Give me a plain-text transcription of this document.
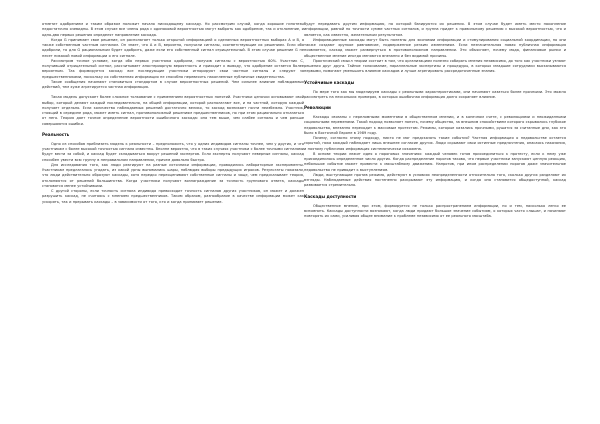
отметит одобрением и таким образом положит начало нисходящему каскаду. Но рассмотрим случай, когда хорошие гипотезы недостаточно очевидны. В этом случае все члены ряда с одинаковой вероятностью могут выбрать как одобрение, так и отклонение, и одно-два первых решения определят направление каскада.

Когда G принимает свое решение, он располагает только открытой информацией о сделанных вероятностных выборах A и B, а также собственным частным сигналом. Он знает, что A и B, вероятно, получили сигналы, соответствующие их решениям. Если оба одобрили, то для G рациональным будет одобрить, даже если его собственный сигнал отрицательный. В этом случае решение G не несет никакой новой информации о его сигнале.

Рассмотрим точное условие, когда оба первых участника одобрили, получив сигналы с вероятностью 60%. Участник C, получивший отрицательный сигнал, рассчитывает апостериорную вероятность и приходит к выводу, что одобрение остается более вероятным. Так формируется каскад: все последующие участники игнорируют свои частные сигналы и следуют за предшественниками, поскольку их собственная информация не способна перевесить накопленные публичные свидетельства.

Такие сообщения начинают становиться стандартом в случае вероятностных решений. Чем сильнее влияние наблюдаемых действий, тем хуже агрегируется частная информация.

Такая модель допускает более сложное толкование с применением вероятностных понятий. Участники цепочки основывают свой выбор, который делают каждый последовательно, на общей информации, которой располагают все, и на частной, которую каждый получает отдельно. Если количество наблюдаемых решений достаточно велико, то каскад возникает почти неизбежно. Участник, стоящий в середине ряда, может иметь сигнал, противоположный решениям предшественников, но при этом рационально отказаться от него. Теория дает точное определение вероятности ошибочного каскада: она тем выше, чем слабее сигналы и чем раньше совершаются ошибки.

Реальность

Одно из способов приблизить модель к реальности – предположить, что у одних индивидов сигналы точнее, чем у других, и что участникам с более высокой точностью сигнала известны. Вполне вероятно, что в таких случаях участники с более точными сигналами будут вести за собой, и каскад будет складываться вокруг решений экспертов. Если эксперты получают неверные сигналы, каскад способен увести всю группу в неправильном направлении, причем довольно быстро.

Для исследования того, как люди реагируют на разные источники информации, проводились лабораторные эксперименты. Участникам предлагалось угадать, из какой урны вынимались шары, наблюдая выборы предыдущих игроков. Результаты показали, что люди действительно образуют каскады, хотя нередко переоценивают собственные сигналы и чаще, чем предсказывает теория, отклоняются от решений большинства. Когда участники получают вознаграждение за точность группового ответа, каскады становятся менее устойчивыми.

С другой стороны, если точность сигнала индивида превосходит точность сигналов других участников, он может и должен разрушить каскад, не считаясь с мнением предшественников. Таким образом, разнообразие в качестве информации может как ускорять, так и прерывать каскады – в зависимости от того, кто и когда принимает решение.

будут передавать другим информацию, на которой базируются их решения. В этом случае будет иметь место накопление информации, равной по точности сумме частных сигналов, и группа придет к правильному решению с высокой вероятностью, что и является, как известно, желательным результатом.

Информационные каскады могут быть полезны для экономии информации и стимулирования социальной координации, но они также создают хрупкое равновесие, подверженное резким изменениям. Если незначительная новая публичная информация появляется, каскад может развернуться в противоположном направлении. Это объясняет, почему мода, финансовые рынки и общественное мнение иногда меняются внезапно и без видимой причины.

Практический смысл теории состоит в том, что организациям полезно собирать мнения независимо, до того как участники узнают решения друг друга. Тайное голосование, параллельные экспертизы и процедуры, в которых младшие сотрудники высказываются первыми, помогают уменьшить влияние каскадов и лучше агрегировать рассредоточенные знания.

Устойчивые каскады

По мере того как мы моделируем каскады с реальными характеристиками, они начинают казаться более прочными. Это можно рассмотреть на нескольких примерах, в которых ошибочная информация долго сохраняет влияние.

Революции

Каскады связаны с переломными моментами в общественном мнении, и в конечном счете, с революциями и неожиданными социальными переменами. Такой подход позволяет понять, почему общество, за внешним спокойствием которого скрывалось глубокое недовольство, внезапно переходит к массовым протестам. Режимы, которые казались прочными, рушатся за считанные дни, как это было в Восточной Европе в 1989 году.

Почему, согласно этому подходу, никто не мог предсказать такие события? Частная информация о недовольстве остается скрытой, пока каждый наблюдает лишь внешнее согласие других. Люди скрывают свои истинные предпочтения, опасаясь наказания, и поэтому публичная информация систематически искажена.

В основе теории лежит идея о пороговых значениях: каждый человек готов присоединиться к протесту, если к нему уже присоединилось определенное число других. Когда распределение порогов таково, что первые участники запускают цепную реакцию, небольшое событие может привести к масштабному движению. Напротив, при ином распределении порогов даже значительное недовольство не приводит к выступлениям.

Люди, выступающие против режима, действуют в условиях неопределенности относительно того, сколько других разделяют их взгляды. Наблюдаемые действия постепенно раскрывают эту информацию, и когда она становится общедоступной, каскад развивается стремительно.

Каскады доступности

Общественное мнение, при этом, формируется не только распространением информации, но и тем, насколько легко ее вспомнить. Каскады доступности возникают, когда люди придают большое значение событиям, о которых часто слышат, и начинают повторять их сами, усиливая общее внимание к проблеме независимо от ее реального масштаба.
